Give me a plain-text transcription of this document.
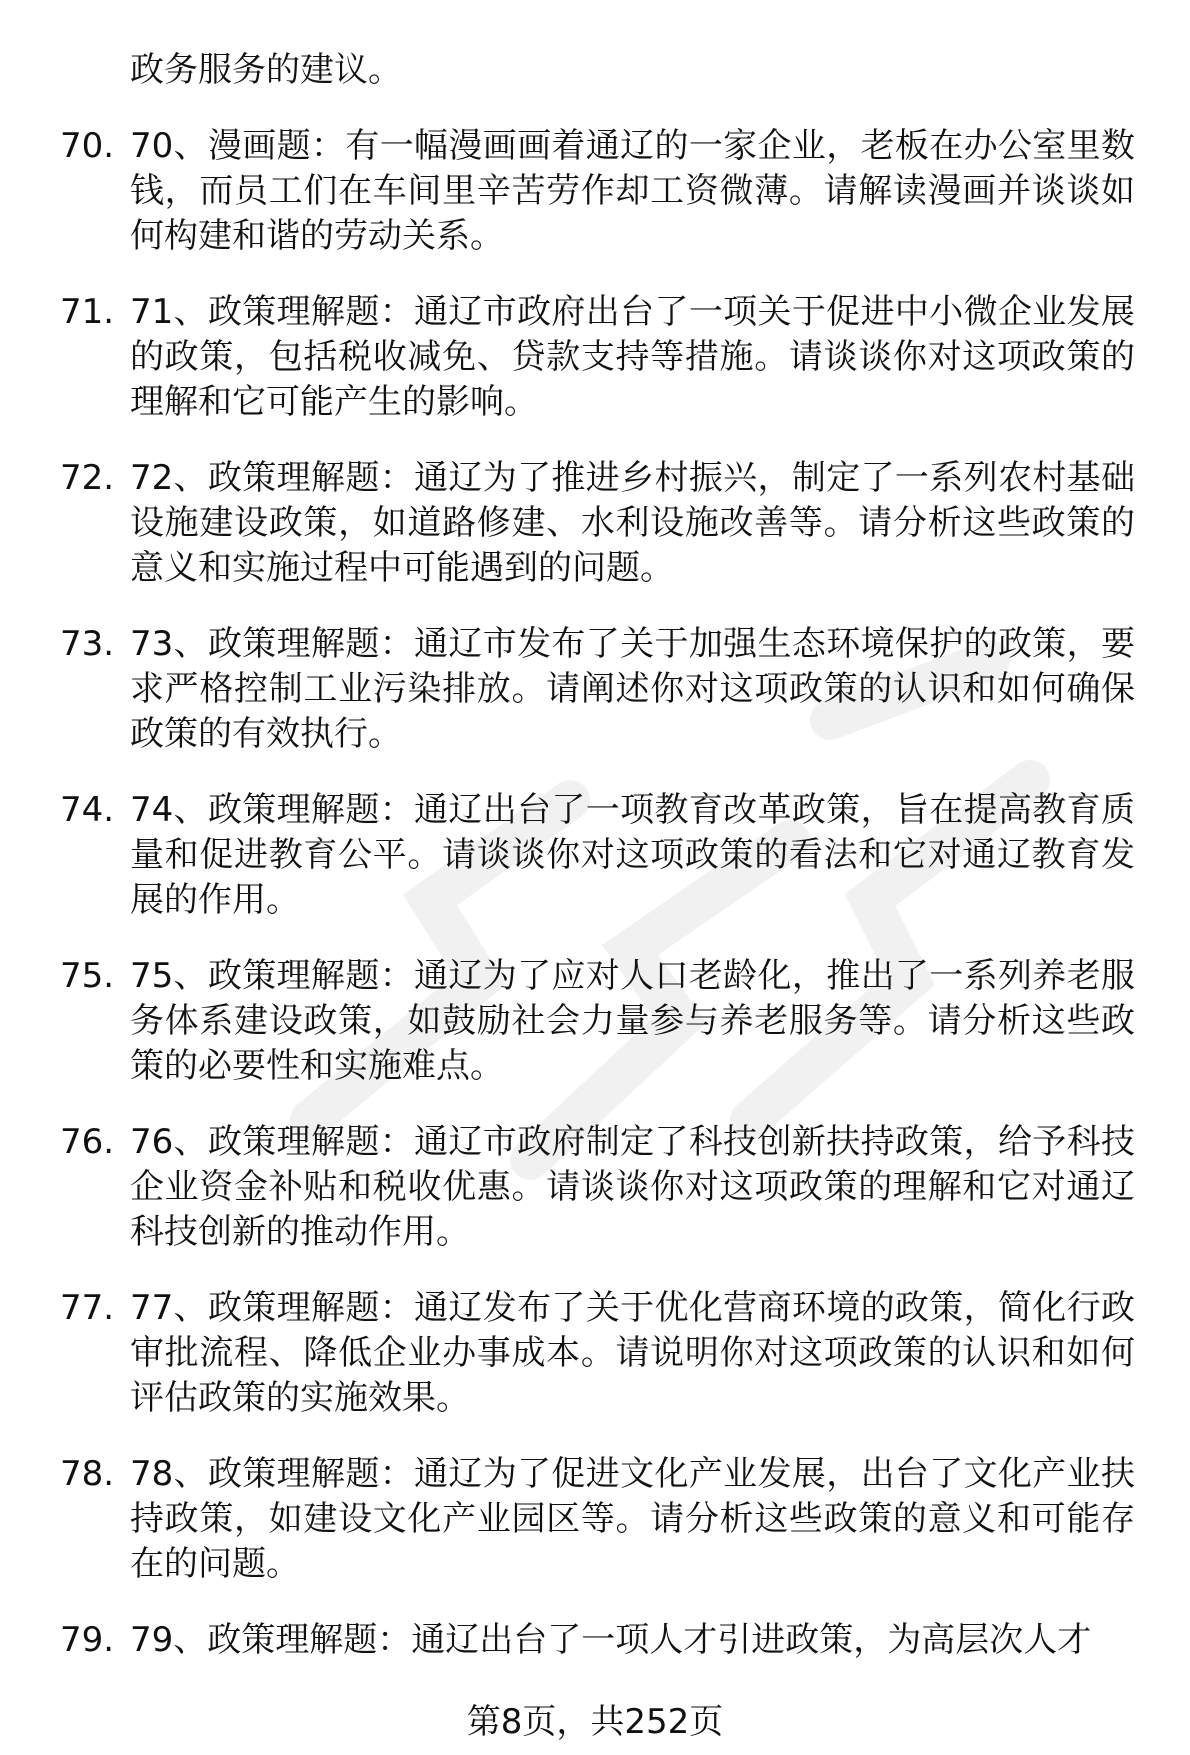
政务服务的建议。
70. 70、漫画题：有一幅漫画画着通辽的一家企业，老板在办公室里数钱，而员工们在车间里辛苦劳作却工资微薄。请解读漫画并谈谈如何构建和谐的劳动关系。
71. 71、政策理解题：通辽市政府出台了一项关于促进中小微企业发展的政策，包括税收减免、贷款支持等措施。请谈谈你对这项政策的理解和它可能产生的影响。
72. 72、政策理解题：通辽为了推进乡村振兴，制定了一系列农村基础设施建设政策，如道路修建、水利设施改善等。请分析这些政策的意义和实施过程中可能遇到的问题。
73. 73、政策理解题：通辽市发布了关于加强生态环境保护的政策，要求严格控制工业污染排放。请阐述你对这项政策的认识和如何确保政策的有效执行。
74. 74、政策理解题：通辽出台了一项教育改革政策，旨在提高教育质量和促进教育公平。请谈谈你对这项政策的看法和它对通辽教育发展的作用。
75. 75、政策理解题：通辽为了应对人口老龄化，推出了一系列养老服务体系建设政策，如鼓励社会力量参与养老服务等。请分析这些政策的必要性和实施难点。
76. 76、政策理解题：通辽市政府制定了科技创新扶持政策，给予科技企业资金补贴和税收优惠。请谈谈你对这项政策的理解和它对通辽科技创新的推动作用。
77. 77、政策理解题：通辽发布了关于优化营商环境的政策，简化行政审批流程、降低企业办事成本。请说明你对这项政策的认识和如何评估政策的实施效果。
78. 78、政策理解题：通辽为了促进文化产业发展，出台了文化产业扶持政策，如建设文化产业园区等。请分析这些政策的意义和可能存在的问题。
79. 79、政策理解题：通辽出台了一项人才引进政策，为高层次人才
第8页，共252页
